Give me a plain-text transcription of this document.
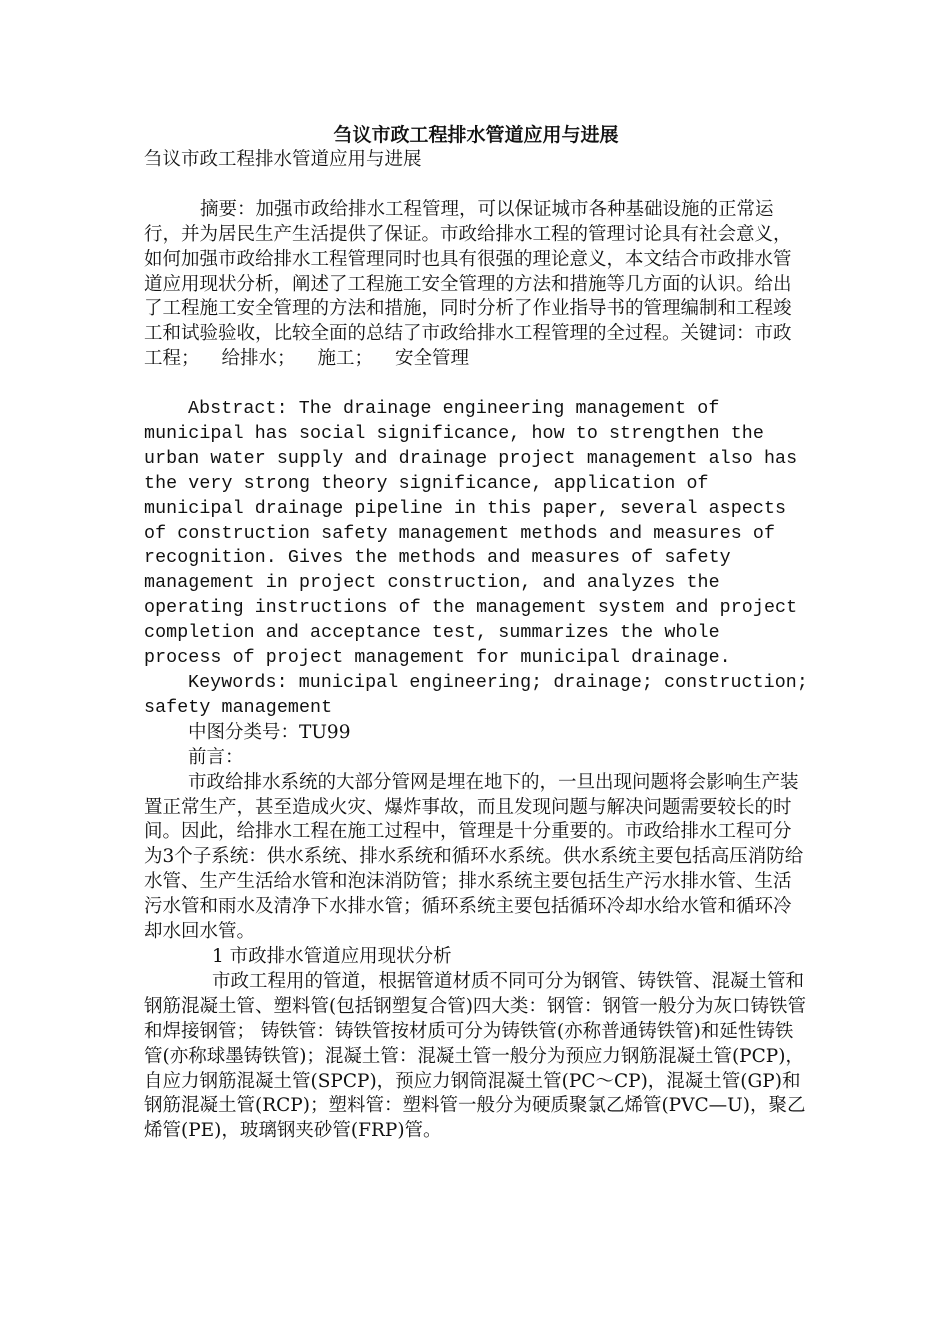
刍议市政工程排水管道应用与进展

刍议市政工程排水管道应用与进展

摘要：加强市政给排水工程管理，可以保证城市各种基础设施的正常运行，并为居民生产生活提供了保证。市政给排水工程的管理讨论具有社会意义，如何加强市政给排水工程管理同时也具有很强的理论意义，本文结合市政排水管道应用现状分析，阐述了工程施工安全管理的方法和措施等几方面的认识。给出了工程施工安全管理的方法和措施，同时分析了作业指导书的管理编制和工程竣工和试验验收，比较全面的总结了市政给排水工程管理的全过程。关键词：市政工程； 给排水； 施工； 安全管理

Abstract: The drainage engineering management of municipal has social significance, how to strengthen the urban water supply and drainage project management also has the very strong theory significance, application of municipal drainage pipeline in this paper, several aspects of construction safety management methods and measures of recognition. Gives the methods and measures of safety management in project construction, and analyzes the operating instructions of the management system and project completion and acceptance test, summarizes the whole process of project management for municipal drainage.

Keywords: municipal engineering; drainage; construction; safety management

中图分类号：TU99

前言：

市政给排水系统的大部分管网是埋在地下的，一旦出现问题将会影响生产装置正常生产，甚至造成火灾、爆炸事故，而且发现问题与解决问题需要较长的时间。因此，给排水工程在施工过程中，管理是十分重要的。市政给排水工程可分为3个子系统：供水系统、排水系统和循环水系统。供水系统主要包括高压消防给水管、生产生活给水管和泡沫消防管；排水系统主要包括生产污水排水管、生活污水管和雨水及清净下水排水管；循环系统主要包括循环冷却水给水管和循环冷却水回水管。

1 市政排水管道应用现状分析

市政工程用的管道，根据管道材质不同可分为钢管、铸铁管、混凝土管和钢筋混凝土管、塑料管(包括钢塑复合管)四大类：钢管：钢管一般分为灰口铸铁管和焊接钢管； 铸铁管：铸铁管按材质可分为铸铁管(亦称普通铸铁管)和延性铸铁管(亦称球墨铸铁管)；混凝土管：混凝土管一般分为预应力钢筋混凝土管(PCP)，自应力钢筋混凝土管(SPCP)，预应力钢筒混凝土管(PC～CP)，混凝土管(GP)和钢筋混凝土管(RCP)；塑料管：塑料管一般分为硬质聚氯乙烯管(PVC—U)，聚乙烯管(PE)，玻璃钢夹砂管(FRP)管。
